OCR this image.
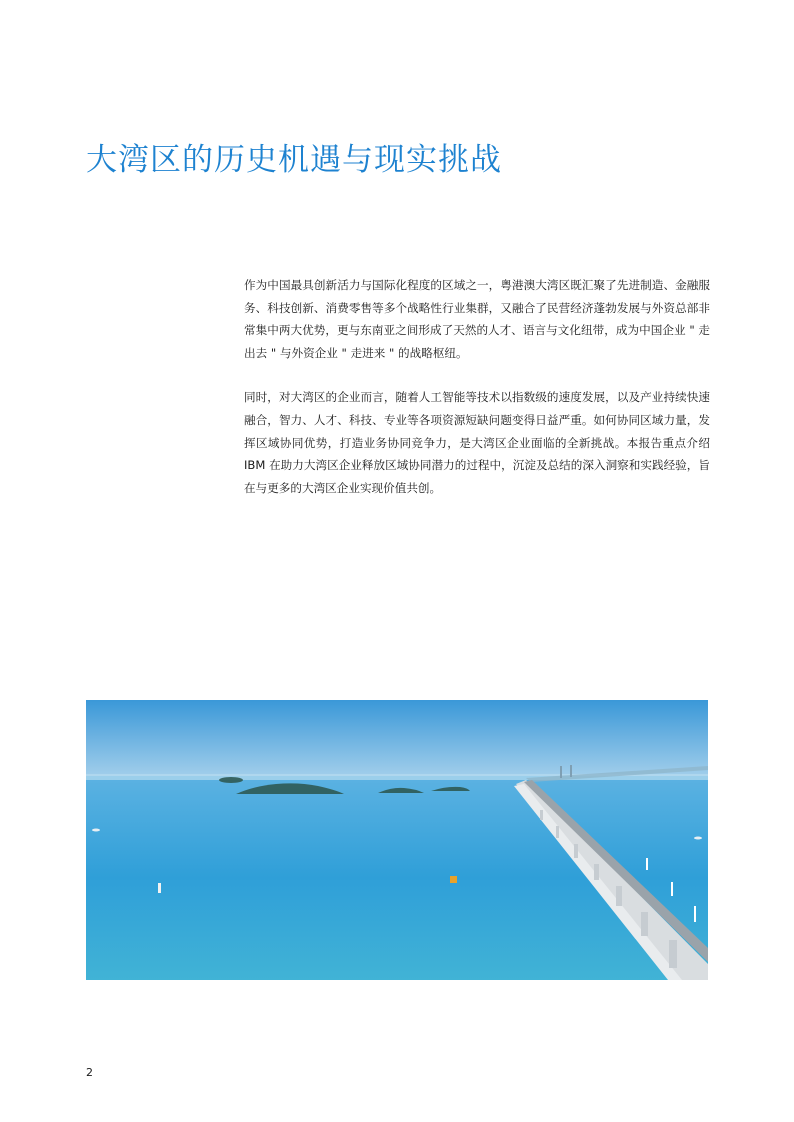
大湾区的历史机遇与现实挑战

作为中国最具创新活力与国际化程度的区域之一，粤港澳大湾区既汇聚了先进制造、金融服务、科技创新、消费零售等多个战略性行业集群，又融合了民营经济蓬勃发展与外资总部非常集中两大优势，更与东南亚之间形成了天然的人才、语言与文化纽带，成为中国企业 " 走出去 " 与外资企业 " 走进来 " 的战略枢纽。

同时，对大湾区的企业而言，随着人工智能等技术以指数级的速度发展，以及产业持续快速融合，智力、人才、科技、专业等各项资源短缺问题变得日益严重。如何协同区域力量，发挥区域协同优势，打造业务协同竞争力，是大湾区企业面临的全新挑战。本报告重点介绍 IBM 在助力大湾区企业释放区域协同潜力的过程中，沉淀及总结的深入洞察和实践经验，旨在与更多的大湾区企业实现价值共创。

2
